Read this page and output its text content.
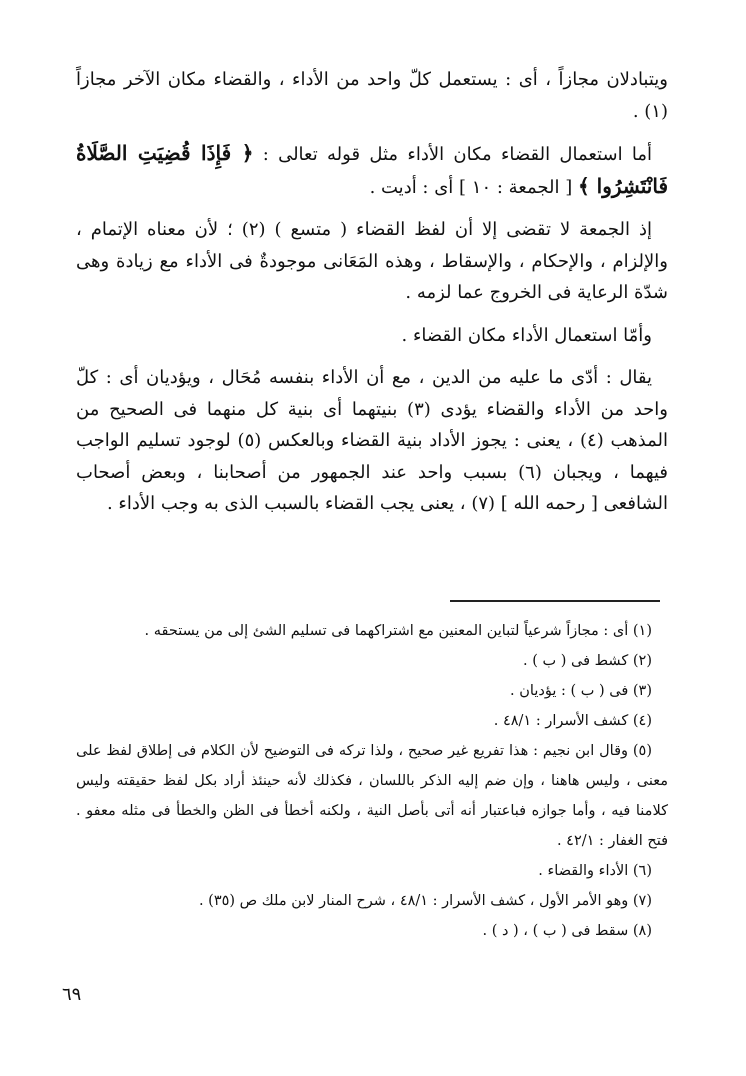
ويتبادلان مجازاً ، أى : يستعمل كلّ واحد من الأداء ، والقضاء مكان الآخر مجازاً (١) .

أما استعمال القضاء مكان الأداء مثل قوله تعالى : ﴿ فَإِذَا قُضِيَتِ الصَّلَاةُ فَانْتَشِرُوا ﴾ [ الجمعة : ١٠ ] أى : أديت .

إذ الجمعة لا تقضى إلا أن لفظ القضاء ( متسع ) (٢) ؛ لأن معناه الإتمام ، والإلزام ، والإحكام ، والإسقاط ، وهذه المَعَانى موجودةٌ فى الأداء مع زيادة وهى شدّة الرعاية فى الخروج عما لزمه .

وأمّا استعمال الأداء مكان القضاء .

يقال : أدّى ما عليه من الدين ، مع أن الأداء بنفسه مُحَال ، ويؤديان أى : كلّ واحد من الأداء والقضاء يؤدى (٣) بنيتهما أى بنية كل منهما فى الصحيح من المذهب (٤) ، يعنى : يجوز الأداد بنية القضاء وبالعكس (٥) لوجود تسليم الواجب فيهما ، ويجبان (٦) بسبب واحد عند الجمهور من أصحابنا ، وبعض أصحاب الشافعى [ رحمه الله ] (٧) ، يعنى يجب القضاء بالسبب الذى به وجب الأداء .

(١) أى : مجازاً شرعياً لتباين المعنين مع اشتراكهما فى تسليم الشئ إلى من يستحقه .

(٢) كشط فى ( ب ) .

(٣) فى ( ب ) : يؤديان .

(٤) كشف الأسرار : ٤٨/١ .

(٥) وقال ابن نجيم : هذا تفريع غير صحيح ، ولذا تركه فى التوضيح لأن الكلام فى إطلاق لفظ على معنى ، وليس هاهنا ، وإن ضم إليه الذكر باللسان ، فكذلك لأنه حينئذ أراد بكل لفظ حقيقته وليس كلامنا فيه ، وأما جوازه فباعتبار أنه أتى بأصل النية ، ولكنه أخطأ فى الظن والخطأ فى مثله معفو . فتح الغفار : ٤٢/١ .

(٦) الأداء والقضاء .

(٧) وهو الأمر الأول ، كشف الأسرار : ٤٨/١ ، شرح المنار لابن ملك ص (٣٥) .

(٨) سقط فى ( ب ) ، ( د ) .

٦٩
